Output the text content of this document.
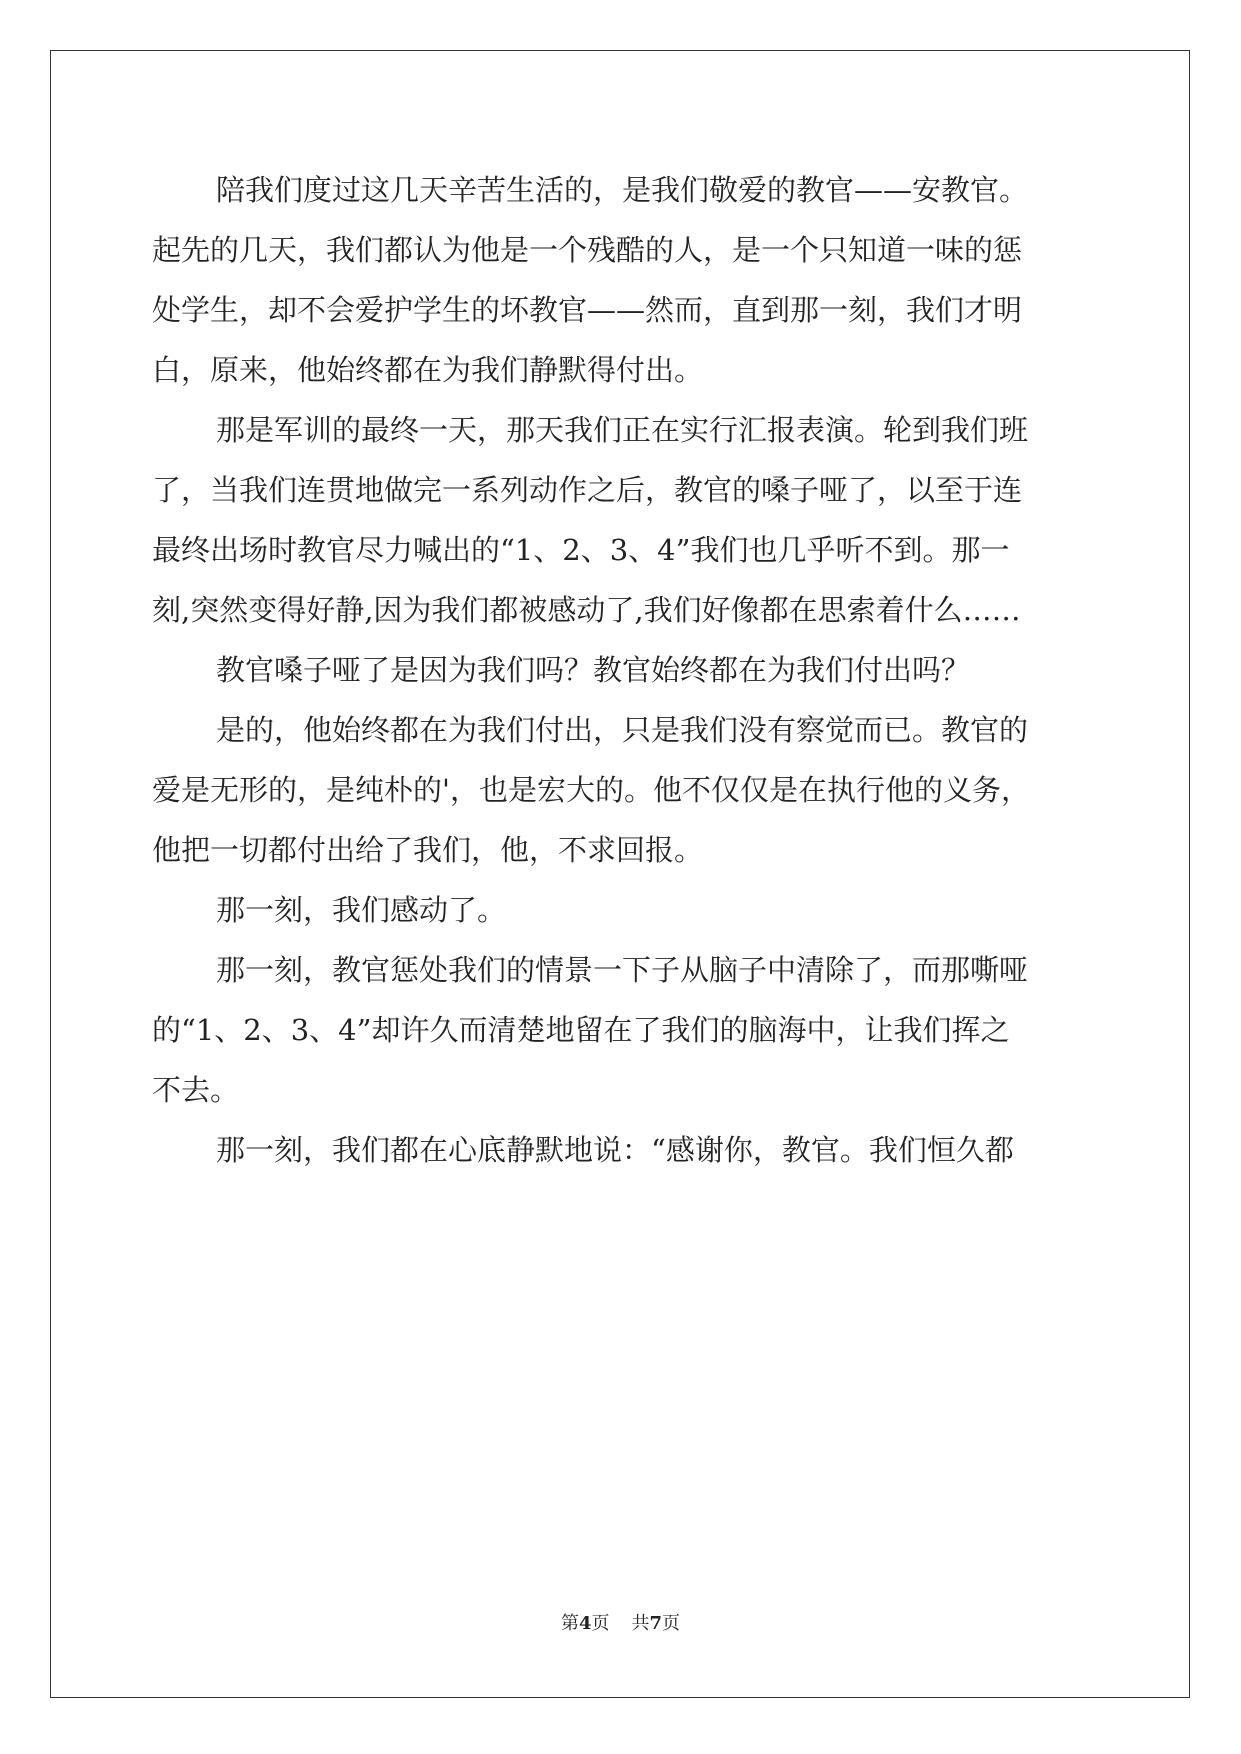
陪我们度过这几天辛苦生活的，是我们敬爱的教官——安教官。
起先的几天，我们都认为他是一个残酷的人，是一个只知道一味的惩
处学生，却不会爱护学生的坏教官——然而，直到那一刻，我们才明
白，原来，他始终都在为我们静默得付出。
那是军训的最终一天，那天我们正在实行汇报表演。轮到我们班
了，当我们连贯地做完一系列动作之后，教官的嗓子哑了，以至于连
最终出场时教官尽力喊出的“1、2、3、4”我们也几乎听不到。那一
刻,突然变得好静,因为我们都被感动了,我们好像都在思索着什么……
教官嗓子哑了是因为我们吗？教官始终都在为我们付出吗？
是的，他始终都在为我们付出，只是我们没有察觉而已。教官的
爱是无形的，是纯朴的'，也是宏大的。他不仅仅是在执行他的义务，
他把一切都付出给了我们，他，不求回报。
那一刻，我们感动了。
那一刻，教官惩处我们的情景一下子从脑子中清除了，而那嘶哑
的“1、2、3、4”却许久而清楚地留在了我们的脑海中，让我们挥之
不去。
那一刻，我们都在心底静默地说：“感谢你，教官。我们恒久都
第4页 共7页
